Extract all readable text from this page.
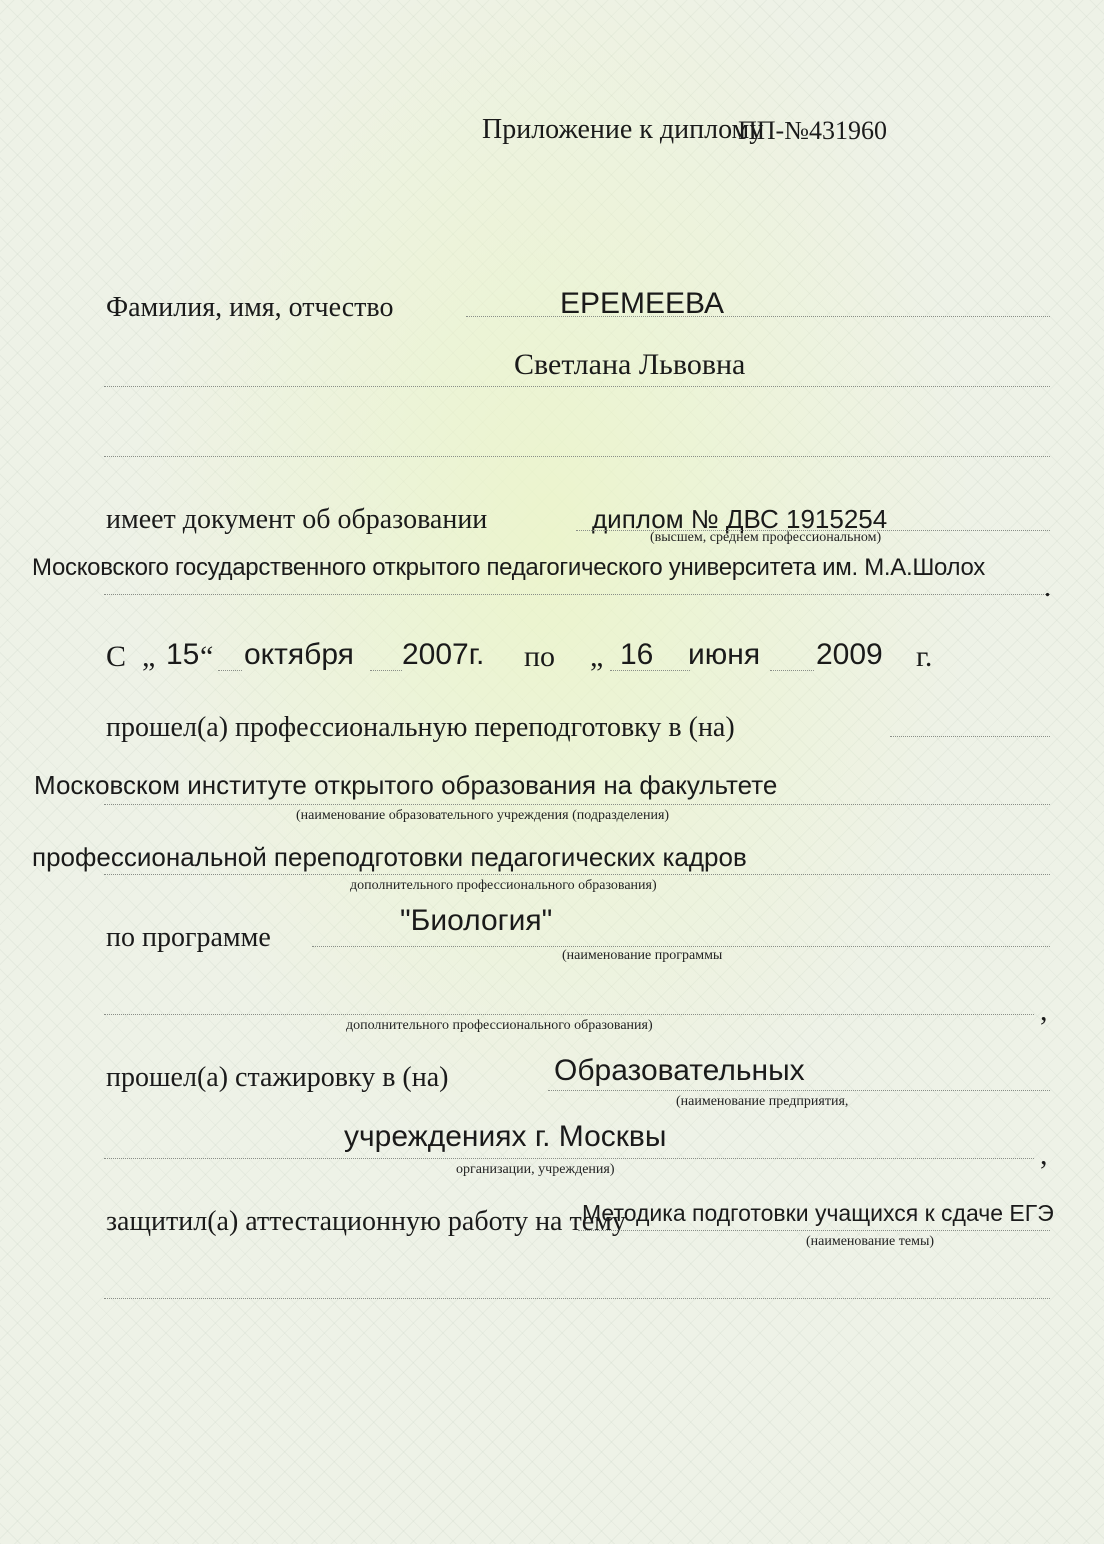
Приложение к диплому
ПП-№431960
Фамилия, имя, отчество	ЕРЕМЕЕВА
Светлана Львовна
имеет документ об образовании	диплом № ДВС 1915254
(высшем, среднем профессиональном)
Московского государственного открытого педагогического университета им. М.А.Шолох
.
С „ 15 “ октября 2007г. по „ 16 июня 2009 г.
прошел(а) профессиональную переподготовку в (на)
Московском институте открытого образования на факультете
(наименование образовательного учреждения (подразделения)
профессиональной переподготовки педагогических кадров
дополнительного профессионального образования)
по программе
"Биология"
(наименование программы
,
дополнительного профессионального образования)
прошел(а) стажировку в (на)	Образовательных
(наименование предприятия,
учреждениях г. Москвы
,
организации, учреждения)
защитил(а) аттестационную работу на тему
Методика подготовки учащихся к сдаче ЕГЭ
(наименование темы)
